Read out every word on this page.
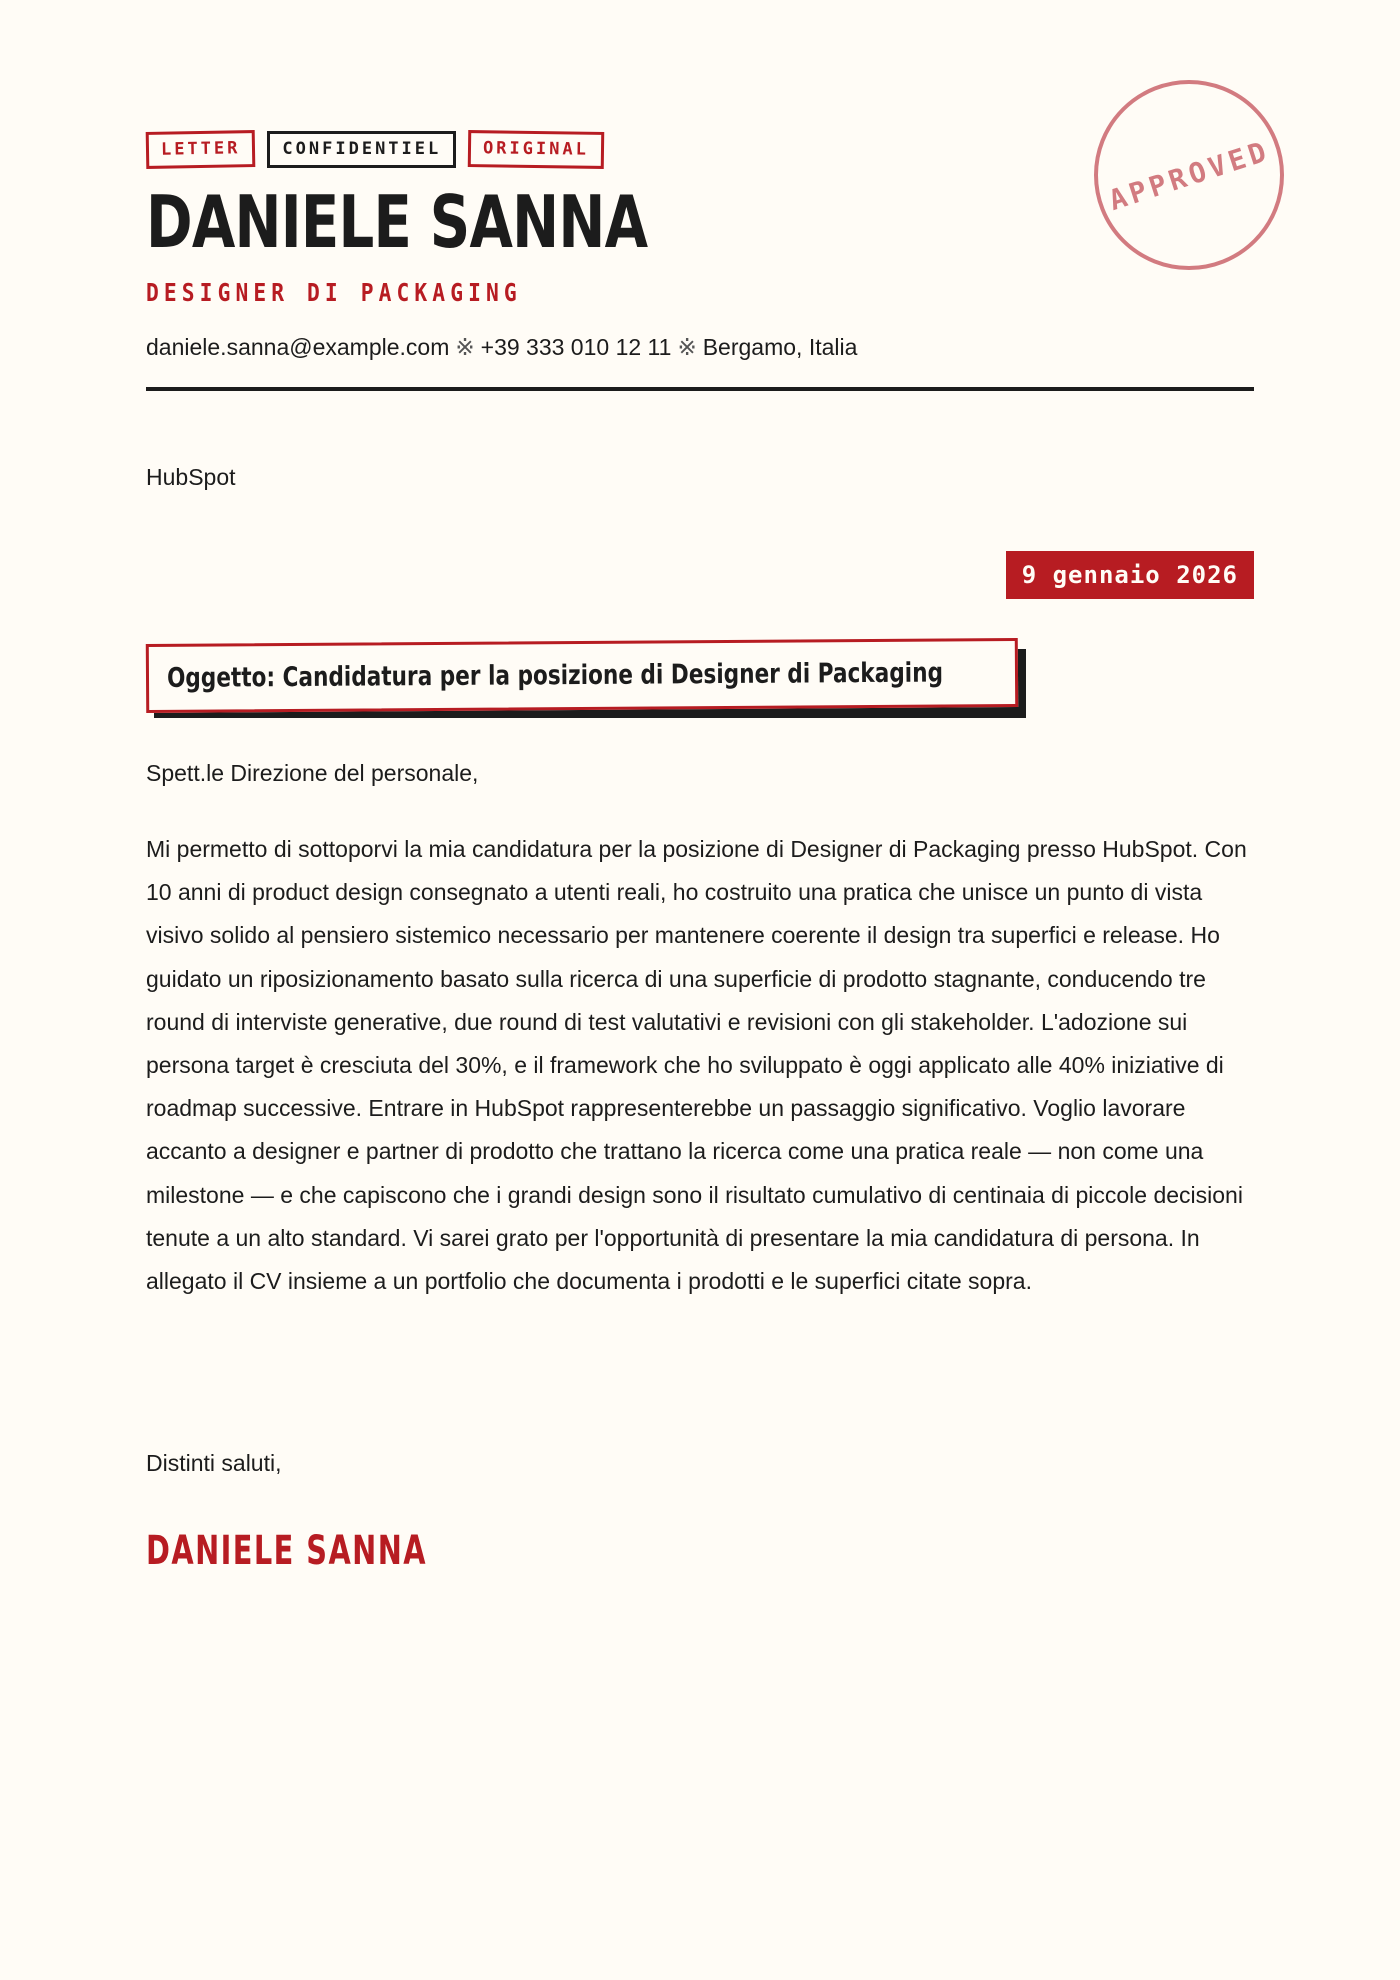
LETTER	CONFIDENTIEL	ORIGINAL
DANIELE SANNA
DESIGNER DI PACKAGING
daniele.sanna@example.com ※ +39 333 010 12 11 ※ Bergamo, Italia
APPROVED
HubSpot
9 gennaio 2026
Oggetto: Candidatura per la posizione di Designer di Packaging
Spett.le Direzione del personale,

Mi permetto di sottoporvi la mia candidatura per la posizione di Designer di Packaging presso HubSpot. Con 10 anni di product design consegnato a utenti reali, ho costruito una pratica che unisce un punto di vista visivo solido al pensiero sistemico necessario per mantenere coerente il design tra superfici e release. Ho guidato un riposizionamento basato sulla ricerca di una superficie di prodotto stagnante, conducendo tre round di interviste generative, due round di test valutativi e revisioni con gli stakeholder. L'adozione sui persona target è cresciuta del 30%, e il framework che ho sviluppato è oggi applicato alle 40% iniziative di roadmap successive. Entrare in HubSpot rappresenterebbe un passaggio significativo. Voglio lavorare accanto a designer e partner di prodotto che trattano la ricerca come una pratica reale — non come una milestone — e che capiscono che i grandi design sono il risultato cumulativo di centinaia di piccole decisioni tenute a un alto standard. Vi sarei grato per l'opportunità di presentare la mia candidatura di persona. In allegato il CV insieme a un portfolio che documenta i prodotti e le superfici citate sopra.

Distinti saluti,
DANIELE SANNA
